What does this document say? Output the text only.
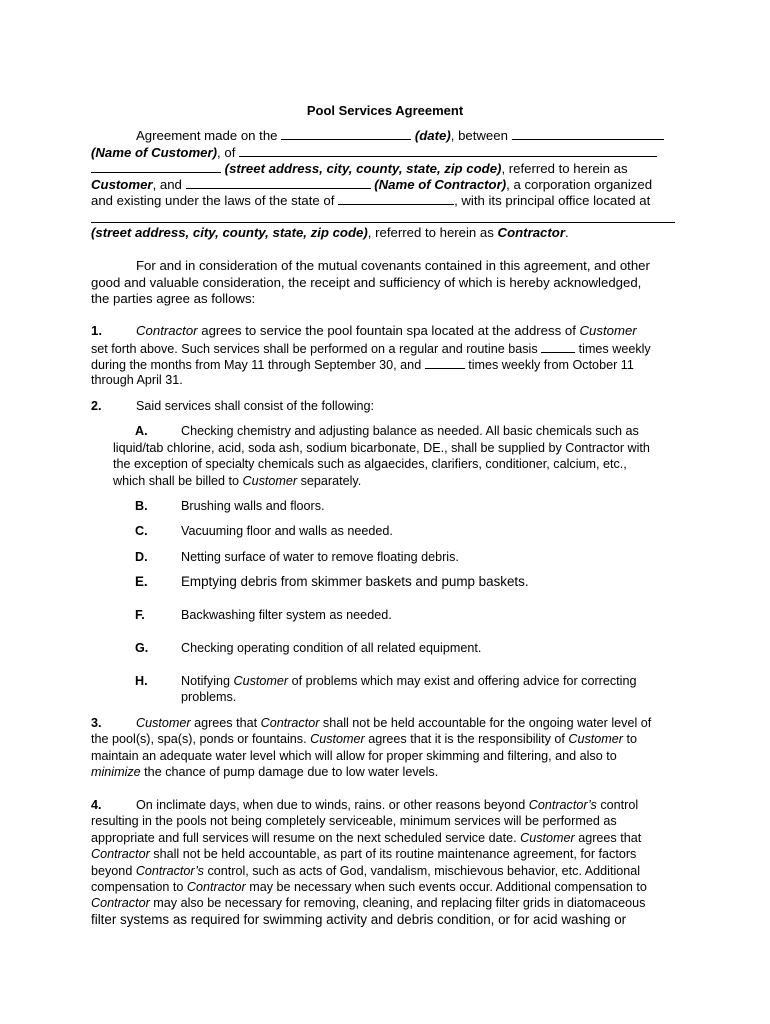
Pool Services Agreement
Agreement made on the	(date), between
(Name of Customer), of
(street address, city, county, state, zip code), referred to herein as
Customer, and	(Name of Contractor), a corporation organized
and existing under the laws of the state of	, with its principal office located at
(street address, city, county, state, zip code), referred to herein as Contractor.
For and in consideration of the mutual covenants contained in this agreement, and other
good and valuable consideration, the receipt and sufficiency of which is hereby acknowledged,
the parties agree as follows:
1.	Contractor agrees to service the pool fountain spa located at the address of Customer
set forth above. Such services shall be performed on a regular and routine basis	times weekly
during the months from May 11 through September 30, and	times weekly from October 11
through April 31.
2.	Said services shall consist of the following:
A.	Checking chemistry and adjusting balance as needed. All basic chemicals such as
liquid/tab chlorine, acid, soda ash, sodium bicarbonate, DE., shall be supplied by Contractor with
the exception of specialty chemicals such as algaecides, clarifiers, conditioner, calcium, etc.,
which shall be billed to Customer separately.
B.	Brushing walls and floors.
C.	Vacuuming floor and walls as needed.
D.	Netting surface of water to remove floating debris.
E. Emptying debris from skimmer baskets and pump baskets.
F.	Backwashing filter system as needed.
G.	Checking operating condition of all related equipment.
H.	Notifying Customer of problems which may exist and offering advice for correcting
problems.
3.	Customer agrees that Contractor shall not be held accountable for the ongoing water level of
the pool(s), spa(s), ponds or fountains. Customer agrees that it is the responsibility of Customer to
maintain an adequate water level which will allow for proper skimming and filtering, and also to
minimize the chance of pump damage due to low water levels.
4.	On inclimate days, when due to winds, rains. or other reasons beyond Contractor’s control
resulting in the pools not being completely serviceable, minimum services will be performed as
appropriate and full services will resume on the next scheduled service date. Customer agrees that
Contractor shall not be held accountable, as part of its routine maintenance agreement, for factors
beyond Contractor’s control, such as acts of God, vandalism, mischievous behavior, etc. Additional
compensation to Contractor may be necessary when such events occur. Additional compensation to
Contractor may also be necessary for removing, cleaning, and replacing filter grids in diatomaceous
filter systems as required for swimming activity and debris condition, or for acid washing or
